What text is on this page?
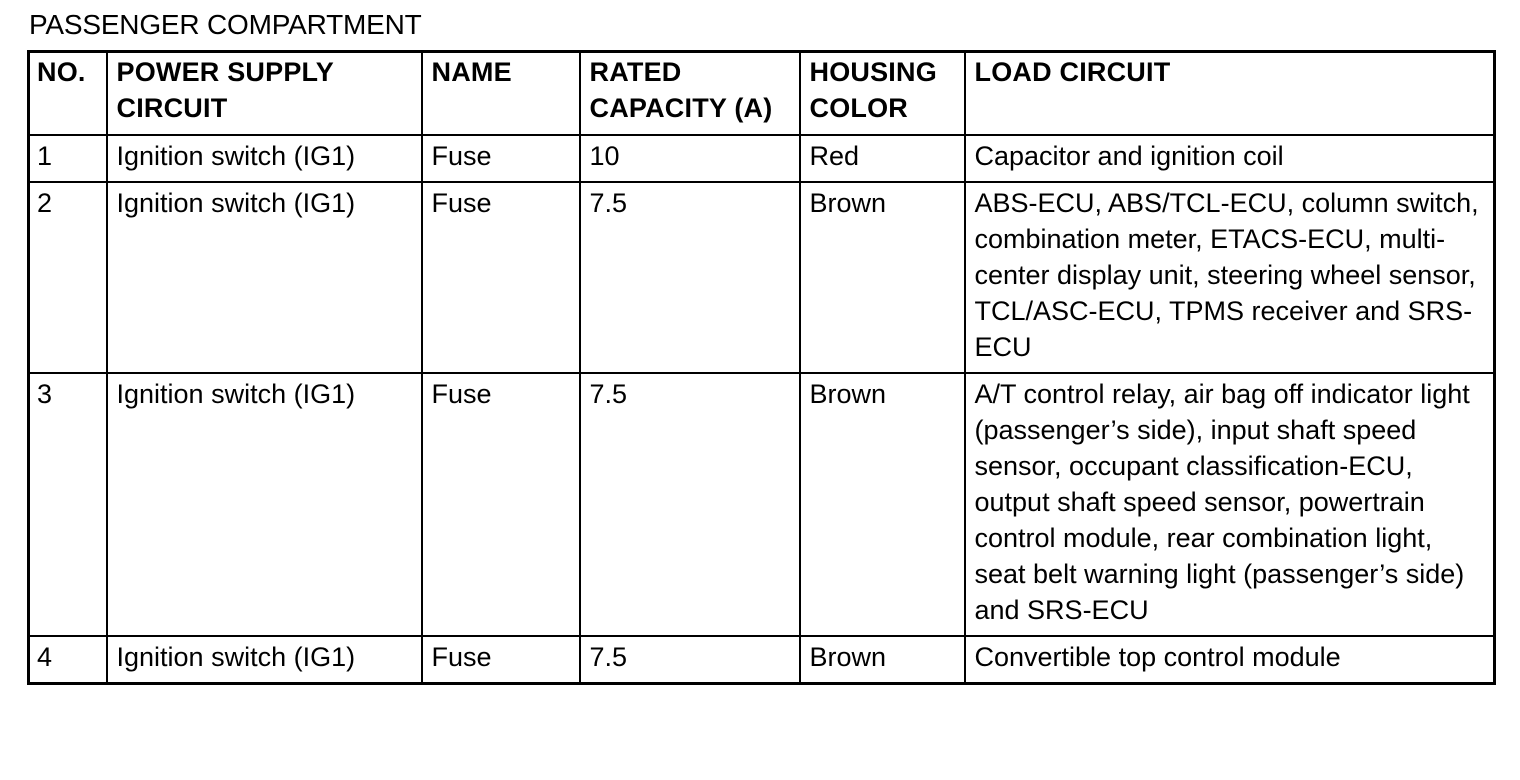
PASSENGER COMPARTMENT
NO.	POWER SUPPLY CIRCUIT	NAME	RATED CAPACITY (A)	HOUSING COLOR	LOAD CIRCUIT
1	Ignition switch (IG1)	Fuse	10	Red	Capacitor and ignition coil
2	Ignition switch (IG1)	Fuse	7.5	Brown	ABS-ECU, ABS/TCL-ECU, column switch, combination meter, ETACS-ECU, multi-center display unit, steering wheel sensor, TCL/ASC-ECU, TPMS receiver and SRS-ECU
3	Ignition switch (IG1)	Fuse	7.5	Brown	A/T control relay, air bag off indicator light (passenger’s side), input shaft speed sensor, occupant classification-ECU, output shaft speed sensor, powertrain control module, rear combination light, seat belt warning light (passenger’s side) and SRS-ECU
4	Ignition switch (IG1)	Fuse	7.5	Brown	Convertible top control module
